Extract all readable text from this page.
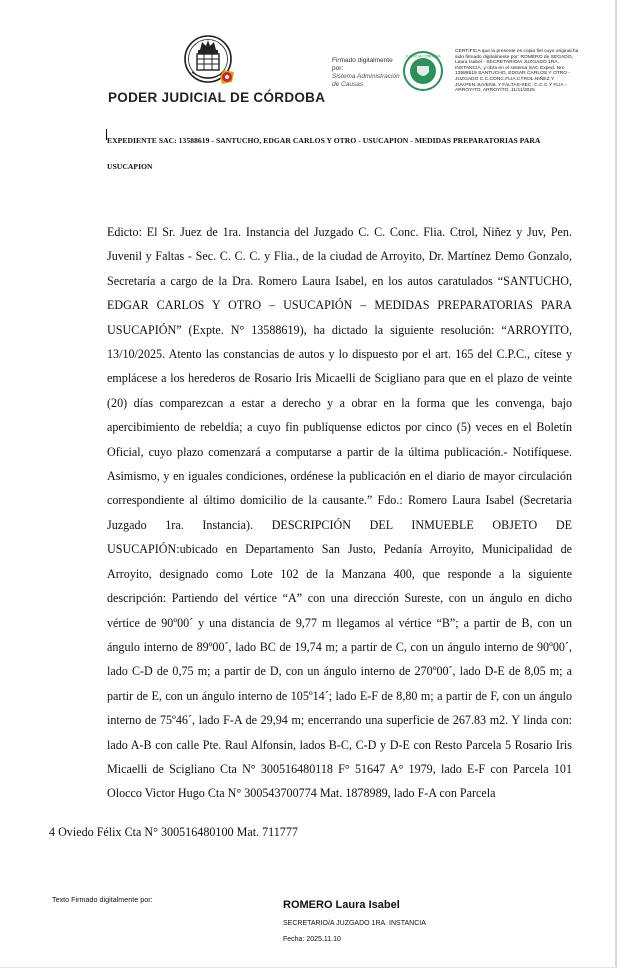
PODER JUDICIAL DE CÓRDOBA
Firmado digitalmente por:
Sistema Administración de Causas
JUSTICIA CÓRDOBA
CERTIFICA que la presente es copia fiel cuyo original ha sido firmado digitalmente por: ROMERO de SEGADO, Laura Isabel - SECRETARIO/A JUZGADO 1RA. INSTANCIA, y obra en el sistema SAC Exped. Nro 13588619 SANTUCHO, EDGAR CARLOS Y OTRO - JUZGADO C.C.CONC.FLIA.CTROL.NIÑEZ Y JUV.PEN.JUVENIL Y FALTAS-SEC. C.C.C.Y FLIA - ARROYITO, ARROYITO, 11/11/2025
EXPEDIENTE SAC: 13588619 - SANTUCHO, EDGAR CARLOS Y OTRO - USUCAPION - MEDIDAS PREPARATORIAS PARA USUCAPION
Edicto: El Sr. Juez de 1ra. Instancia del Juzgado C. C. Conc. Flia. Ctrol, Niñez y Juv, Pen. Juvenil y Faltas - Sec. C. C. C. y Flia., de la ciudad de Arroyito, Dr. Martínez Demo Gonzalo, Secretaría a cargo de la Dra. Romero Laura Isabel, en los autos caratulados “SANTUCHO, EDGAR CARLOS Y OTRO – USUCAPIÓN – MEDIDAS PREPARATORIAS PARA USUCAPIÓN” (Expte. N° 13588619), ha dictado la siguiente resolución: “ARROYITO, 13/10/2025. Atento las constancias de autos y lo dispuesto por el art. 165 del C.P.C., cítese y emplácese a los herederos de Rosario Iris Micaelli de Scigliano para que en el plazo de veinte (20) días comparezcan a estar a derecho y a obrar en la forma que les convenga, bajo apercibimiento de rebeldía; a cuyo fin publíquense edictos por cinco (5) veces en el Boletín Oficial, cuyo plazo comenzará a computarse a partir de la última publicación.- Notifíquese. Asimismo, y en iguales condiciones, ordénese la publicación en el diario de mayor circulación correspondiente al último domicilio de la causante.” Fdo.: Romero Laura Isabel (Secretaria Juzgado 1ra. Instancia). DESCRIPCIÓN DEL INMUEBLE OBJETO DE USUCAPIÓN:ubicado en Departamento San Justo, Pedanía Arroyito, Municipalidad de Arroyito, designado como Lote 102 de la Manzana 400, que responde a la siguiente descripción: Partiendo del vértice “A” con una dirección Sureste, con un ángulo en dicho vértice de 90º00´ y una distancia de 9,77 m llegamos al vértice “B”; a partir de B, con un ángulo interno de 89º00´, lado BC de 19,74 m; a partir de C, con un ángulo interno de 90º00´, lado C-D de 0,75 m; a partir de D, con un ángulo interno de 270º00´, lado D-E de 8,05 m; a partir de E, con un ángulo interno de 105º14´; lado E-F de 8,80 m; a partir de F, con un ángulo interno de 75º46´, lado F-A de 29,94 m; encerrando una superficie de 267.83 m2. Y linda con: lado A-B con calle Pte. Raul Alfonsin, lados B-C, C-D y D-E con Resto Parcela 5 Rosario Iris Micaelli de Scigliano Cta N° 300516480118 F° 51647 A° 1979, lado E-F con Parcela 101 Olocco Victor Hugo Cta N° 300543700774 Mat. 1878989, lado F-A con Parcela
4 Oviedo Félix Cta N° 300516480100 Mat. 711777
Texto Firmado digitalmente por:	ROMERO Laura Isabel
SECRETARIO/A JUZGADO 1RA. INSTANCIA
Fecha: 2025.11.10
